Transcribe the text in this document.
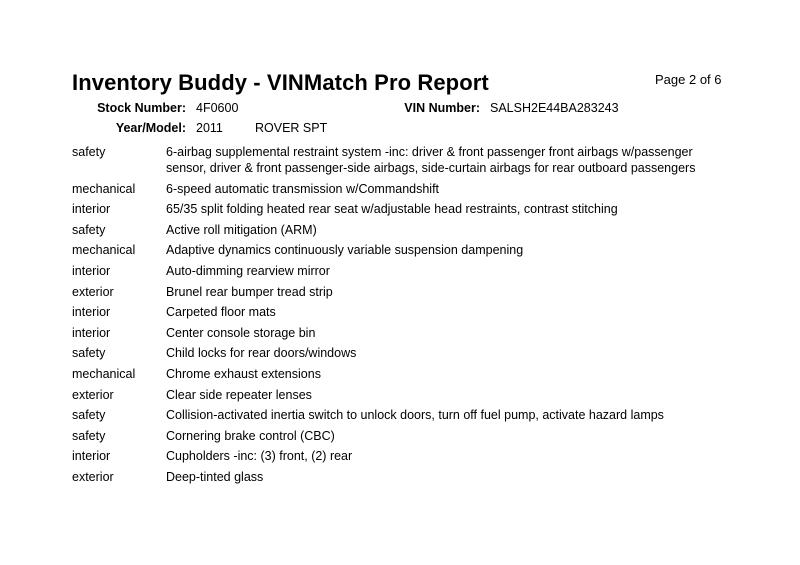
Page 2 of 6
Inventory Buddy - VINMatch Pro Report
Stock Number: 4F0600	VIN Number: SALSH2E44BA283243
Year/Model: 2011	ROVER SPT
safety	6-airbag supplemental restraint system -inc: driver & front passenger front airbags w/passenger sensor, driver & front passenger-side airbags, side-curtain airbags for rear outboard passengers
mechanical	6-speed automatic transmission w/Commandshift
interior	65/35 split folding heated rear seat w/adjustable head restraints, contrast stitching
safety	Active roll mitigation (ARM)
mechanical	Adaptive dynamics continuously variable suspension dampening
interior	Auto-dimming rearview mirror
exterior	Brunel rear bumper tread strip
interior	Carpeted floor mats
interior	Center console storage bin
safety	Child locks for rear doors/windows
mechanical	Chrome exhaust extensions
exterior	Clear side repeater lenses
safety	Collision-activated inertia switch to unlock doors, turn off fuel pump, activate hazard lamps
safety	Cornering brake control (CBC)
interior	Cupholders -inc: (3) front, (2) rear
exterior	Deep-tinted glass
